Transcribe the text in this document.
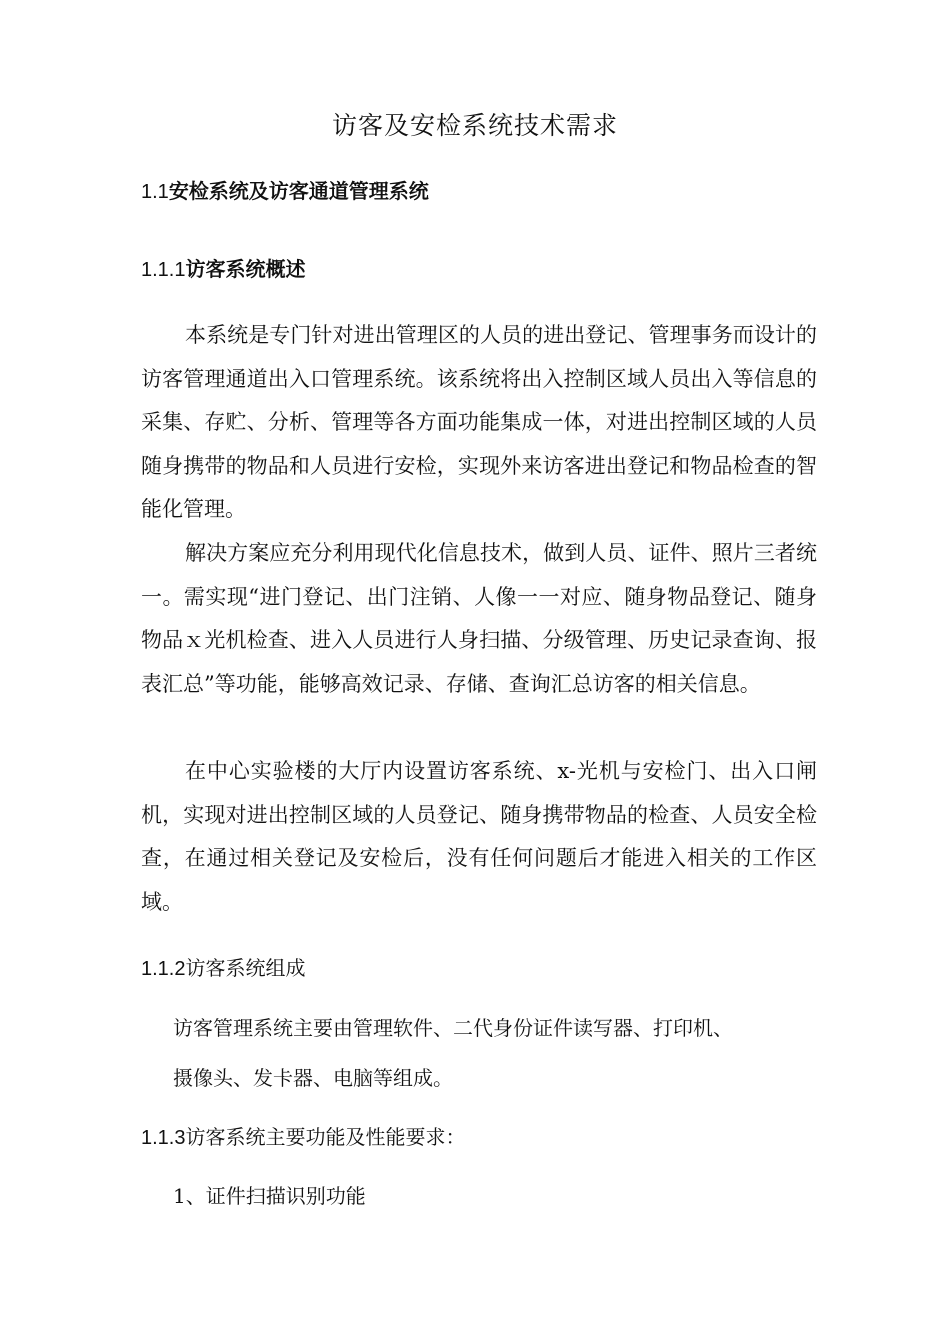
访客及安检系统技术需求
1.1安检系统及访客通道管理系统
1.1.1访客系统概述

本系统是专门针对进出管理区的人员的进出登记、管理事务而设计的访客管理通道出入口管理系统。该系统将出入控制区域人员出入等信息的采集、存贮、分析、管理等各方面功能集成一体，对进出控制区域的人员随身携带的物品和人员进行安检，实现外来访客进出登记和物品检查的智能化管理。

解决方案应充分利用现代化信息技术，做到人员、证件、照片三者统一。需实现“进门登记、出门注销、人像一一对应、随身物品登记、随身物品ｘ光机检查、进入人员进行人身扫描、分级管理、历史记录查询、报表汇总”等功能，能够高效记录、存储、查询汇总访客的相关信息。

在中心实验楼的大厅内设置访客系统、x-光机与安检门、出入口闸机，实现对进出控制区域的人员登记、随身携带物品的检查、人员安全检查，在通过相关登记及安检后，没有任何问题后才能进入相关的工作区域。

1.1.2访客系统组成
访客管理系统主要由管理软件、二代身份证件读写器、打印机、
摄像头、发卡器、电脑等组成。
1.1.3访客系统主要功能及性能要求：
1、证件扫描识别功能
